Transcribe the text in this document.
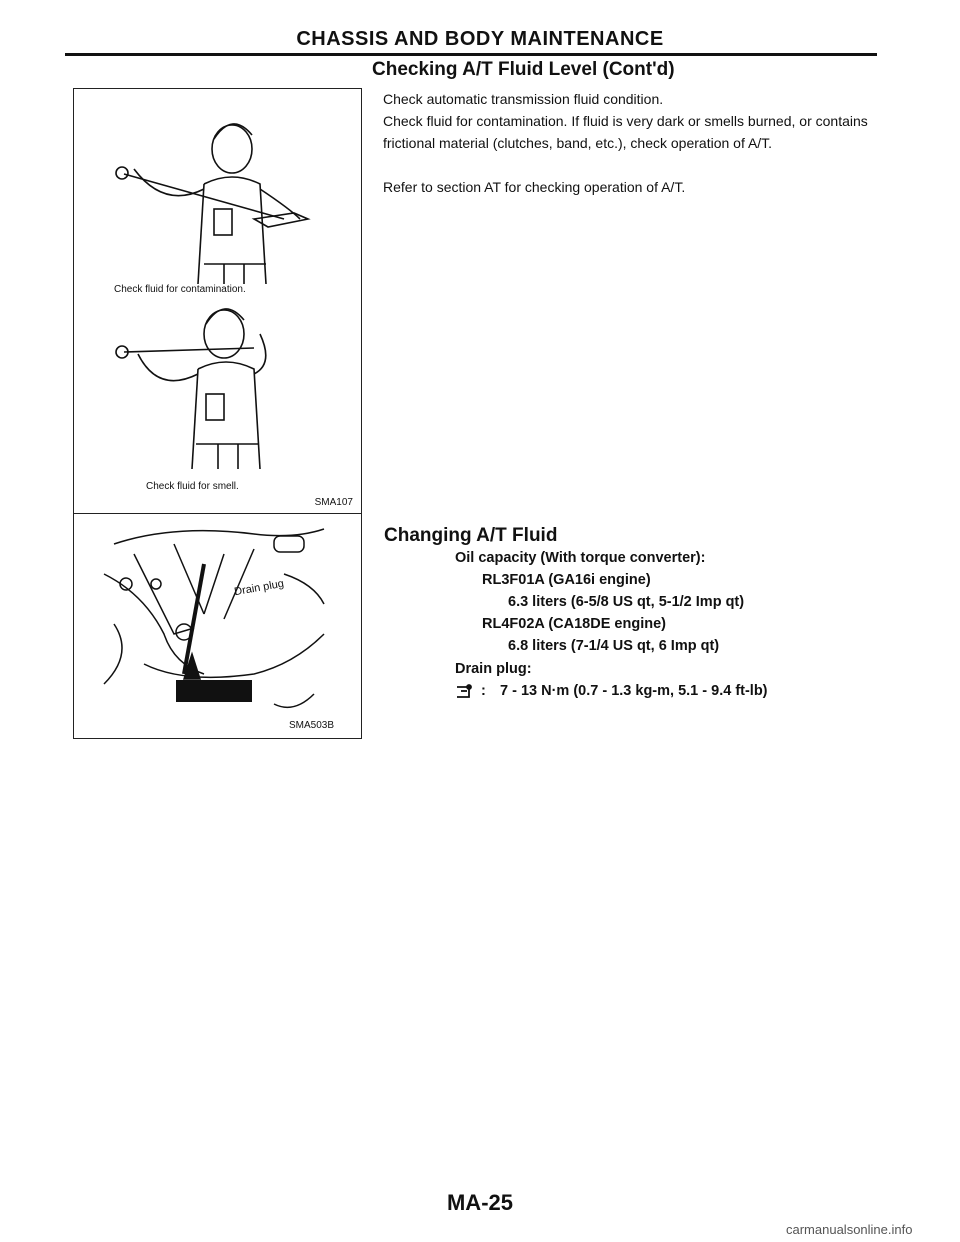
CHASSIS AND BODY MAINTENANCE
Check fluid for contamination.
Check fluid for smell.
SMA107
Drain plug
SMA503B
Checking A/T Fluid Level (Cont'd)
Check automatic transmission fluid condition.
Check fluid for contamination. If fluid is very dark or smells burned, or contains frictional material (clutches, band, etc.), check operation of A/T.
Refer to section AT for checking operation of A/T.
Changing A/T Fluid
Oil capacity (With torque converter):
RL3F01A (GA16i engine)
6.3 liters (6-5/8 US qt, 5-1/2 Imp qt)
RL4F02A (CA18DE engine)
6.8 liters (7-1/4 US qt, 6 Imp qt)
Drain plug:
: 7 - 13 N·m (0.7 - 1.3 kg-m, 5.1 - 9.4 ft-lb)
MA-25
carmanualsonline.info
